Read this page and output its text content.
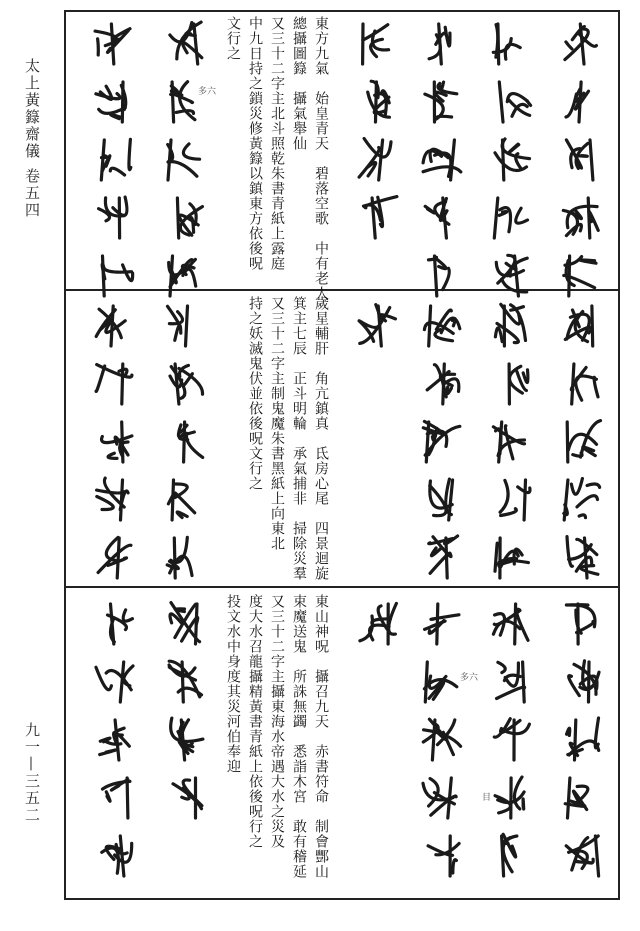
太上黃籙齋儀
卷五四
九一—三五二
東方九氣　始皇青天　碧落空歌　中有老人
總攝圖籙　攝氣舉仙
又三十二字主北斗照乾朱書青紙上露庭
中九日持之鎖災修黃籙以鎮東方依後呪
文行之
歲星輔肝　角亢鎮真　氐房心尾　四景迴旋
箕主七辰　正斗明輪　承氣捕非　掃除災羣
又三十二字主制鬼魔朱書黑紙上向東北
持之妖滅鬼伏並依後呪文行之
東山神呪　攝召九天　赤書符命　制會酆山
束魔送鬼　所誅無蠲　悉詣木宮　敢有稽延
又三十二字主攝東海水帝遇大水之災及
度大水召龍攝精黃書青紙上依後呪行之
投文水中身度其災河伯奉迎
多六
目
多六
